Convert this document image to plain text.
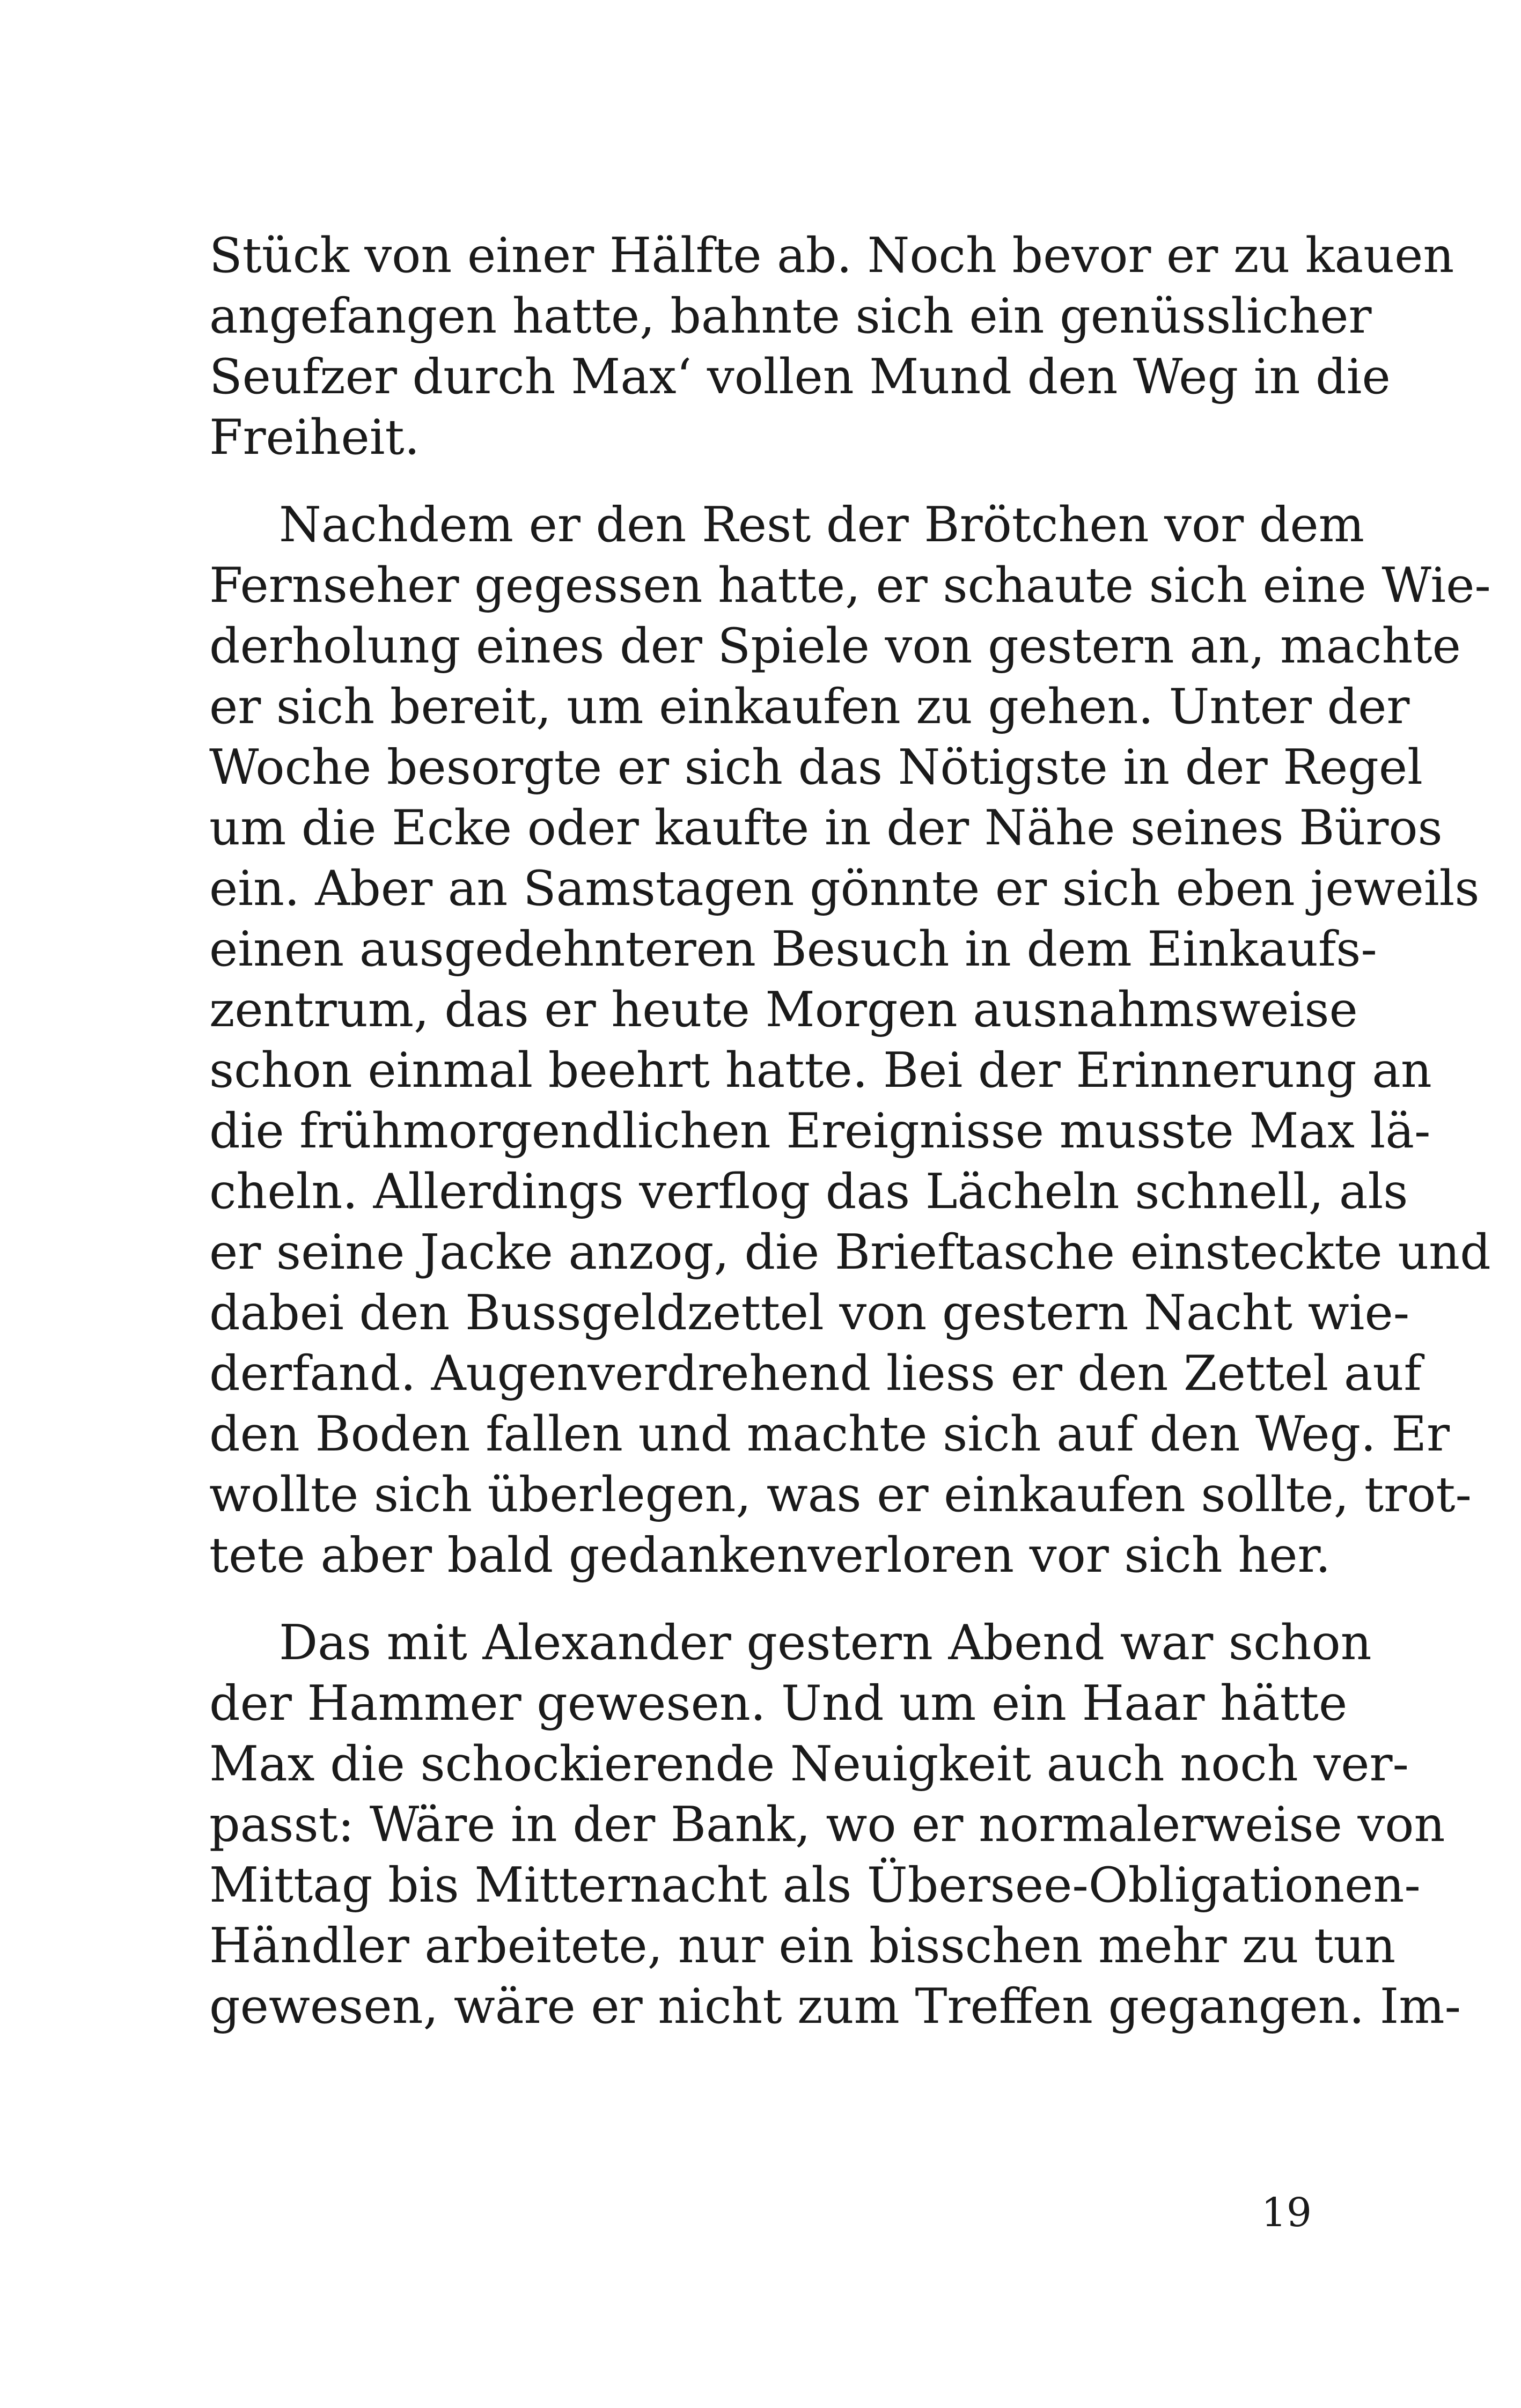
Stück von einer Hälfte ab. Noch bevor er zu kauen
angefangen hatte, bahnte sich ein genüsslicher
Seufzer durch Max‘ vollen Mund den Weg in die
Freiheit.

Nachdem er den Rest der Brötchen vor dem
Fernseher gegessen hatte, er schaute sich eine Wie-
derholung eines der Spiele von gestern an, machte
er sich bereit, um einkaufen zu gehen. Unter der
Woche besorgte er sich das Nötigste in der Regel
um die Ecke oder kaufte in der Nähe seines Büros
ein. Aber an Samstagen gönnte er sich eben jeweils
einen ausgedehnteren Besuch in dem Einkaufs-
zentrum, das er heute Morgen ausnahmsweise
schon einmal beehrt hatte. Bei der Erinnerung an
die frühmorgendlichen Ereignisse musste Max lä-
cheln. Allerdings verflog das Lächeln schnell, als
er seine Jacke anzog, die Brieftasche einsteckte und
dabei den Bussgeldzettel von gestern Nacht wie-
derfand. Augenverdrehend liess er den Zettel auf
den Boden fallen und machte sich auf den Weg. Er
wollte sich überlegen, was er einkaufen sollte, trot-
tete aber bald gedankenverloren vor sich her.

Das mit Alexander gestern Abend war schon
der Hammer gewesen. Und um ein Haar hätte
Max die schockierende Neuigkeit auch noch ver-
passt: Wäre in der Bank, wo er normalerweise von
Mittag bis Mitternacht als Übersee-Obligationen-
Händler arbeitete, nur ein bisschen mehr zu tun
gewesen, wäre er nicht zum Treffen gegangen. Im-

19
